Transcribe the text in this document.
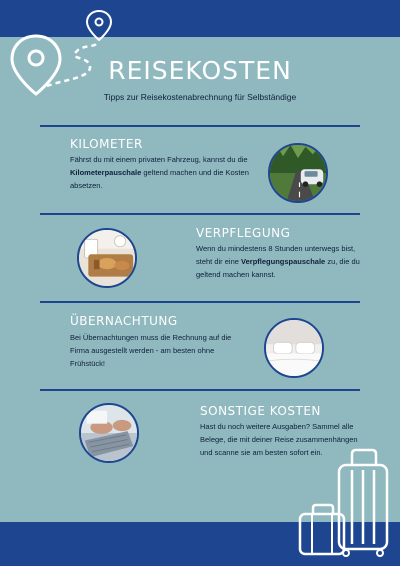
REISEKOSTEN
Tipps zur Reisekostenabrechnung für Selbständige
KILOMETER
Fährst du mit einem privaten Fahrzeug, kannst du die Kilometerpauschale geltend machen und die Kosten absetzen.
VERPFLEGUNG
Wenn du mindestens 8 Stunden unterwegs bist, steht dir eine Verpflegungspauschale zu, die du geltend machen kannst.
ÜBERNACHTUNG
Bei Übernachtungen muss die Rechnung auf die Firma ausgestellt werden - am besten ohne Frühstück!
SONSTIGE KOSTEN
Hast du noch weitere Ausgaben? Sammel alle Belege, die mit deiner Reise zusammenhängen und scanne sie am besten sofort ein.
